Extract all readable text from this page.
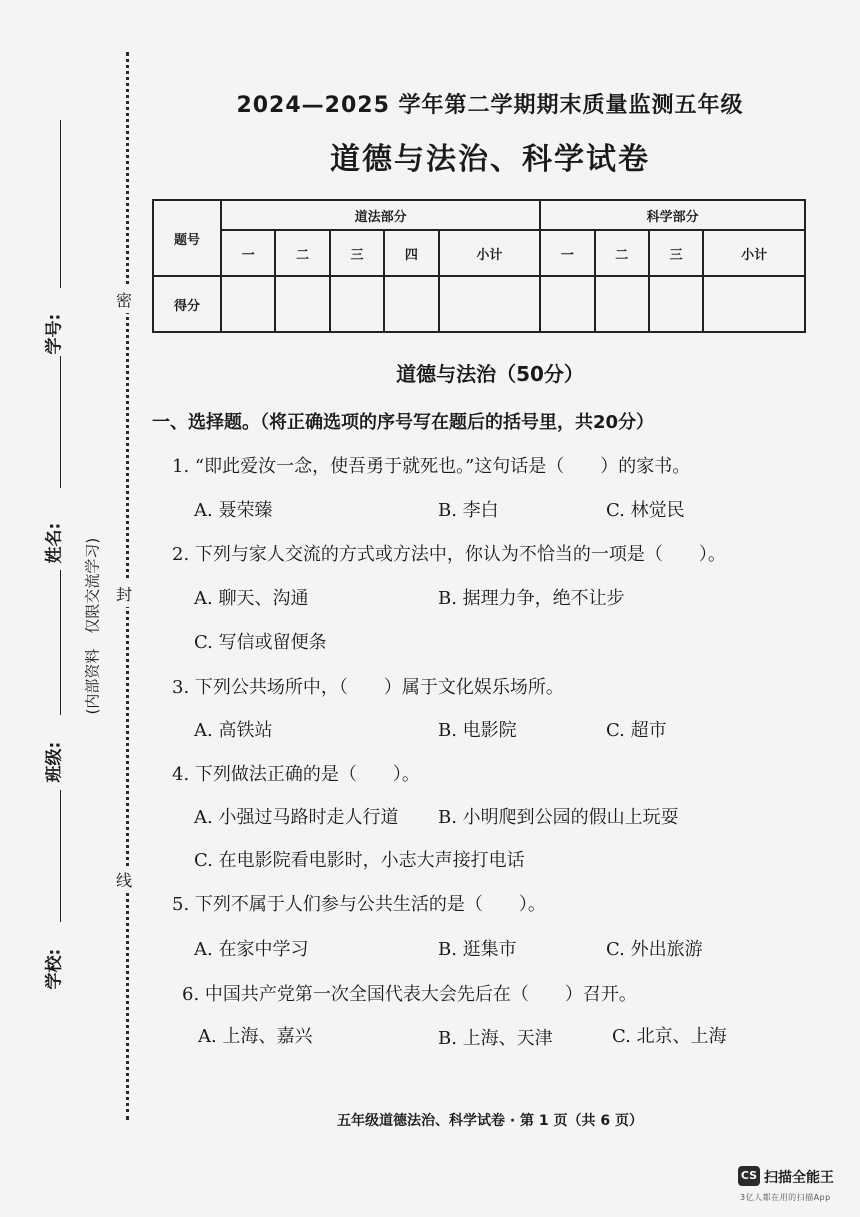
密
封
线
学号:
姓名: (内部资料　仅限交流学习)
班级:
学校:
2024—2025 学年第二学期期末质量监测五年级
道德与法治、科学试卷
题号	道法部分					科学部分			
	一	二	三	四	小计	一	二	三	小计
得分									
道德与法治（50分）
一、选择题。（将正确选项的序号写在题后的括号里，共20分）
1. “即此爱汝一念，使吾勇于就死也。”这句话是（　　）的家书。
A. 聂荣臻	B. 李白	C. 林觉民
2. 下列与家人交流的方式或方法中，你认为不恰当的一项是（　　）。
A. 聊天、沟通	B. 据理力争，绝不让步
C. 写信或留便条
3. 下列公共场所中，（　　）属于文化娱乐场所。
A. 高铁站	B. 电影院	C. 超市
4. 下列做法正确的是（　　）。
A. 小强过马路时走人行道 B. 小明爬到公园的假山上玩耍
C. 在电影院看电影时，小志大声接打电话
5. 下列不属于人们参与公共生活的是（　　）。
A. 在家中学习	B. 逛集市	C. 外出旅游
6. 中国共产党第一次全国代表大会先后在（　　）召开。
A. 上海、嘉兴	B. 上海、天津	C. 北京、上海
五年级道德法治、科学试卷 · 第 1 页（共 6 页）
CS 扫描全能王
3亿人都在用的扫描App
